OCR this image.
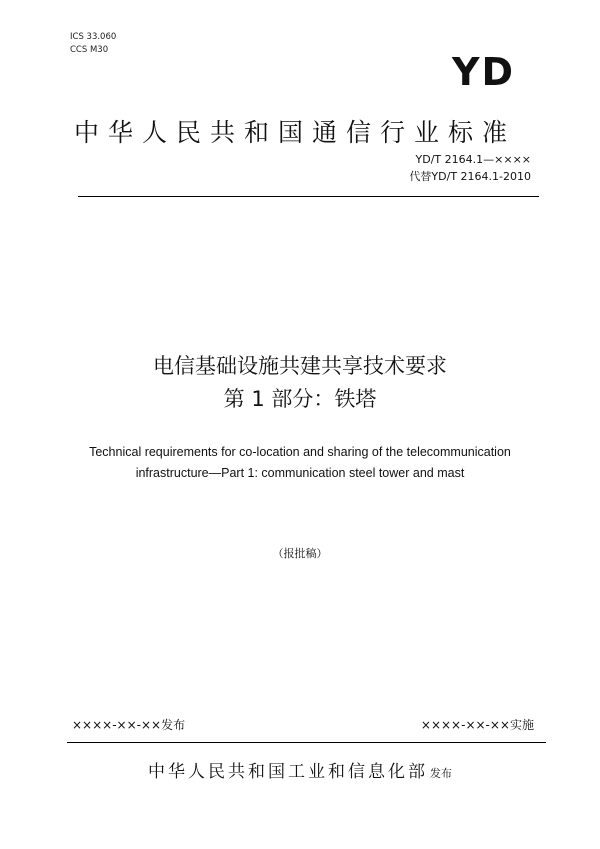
ICS 33.060
CCS M30	YD
中华人民共和国通信行业标准
YD/T 2164.1—××××
代替YD/T 2164.1-2010
电信基础设施共建共享技术要求
第 1 部分：铁塔
Technical requirements for co-location and sharing of the telecommunication
infrastructure—Part 1: communication steel tower and mast
（报批稿）
××××-××-××发布	××××-××-××实施
中华人民共和国工业和信息化部 发布
